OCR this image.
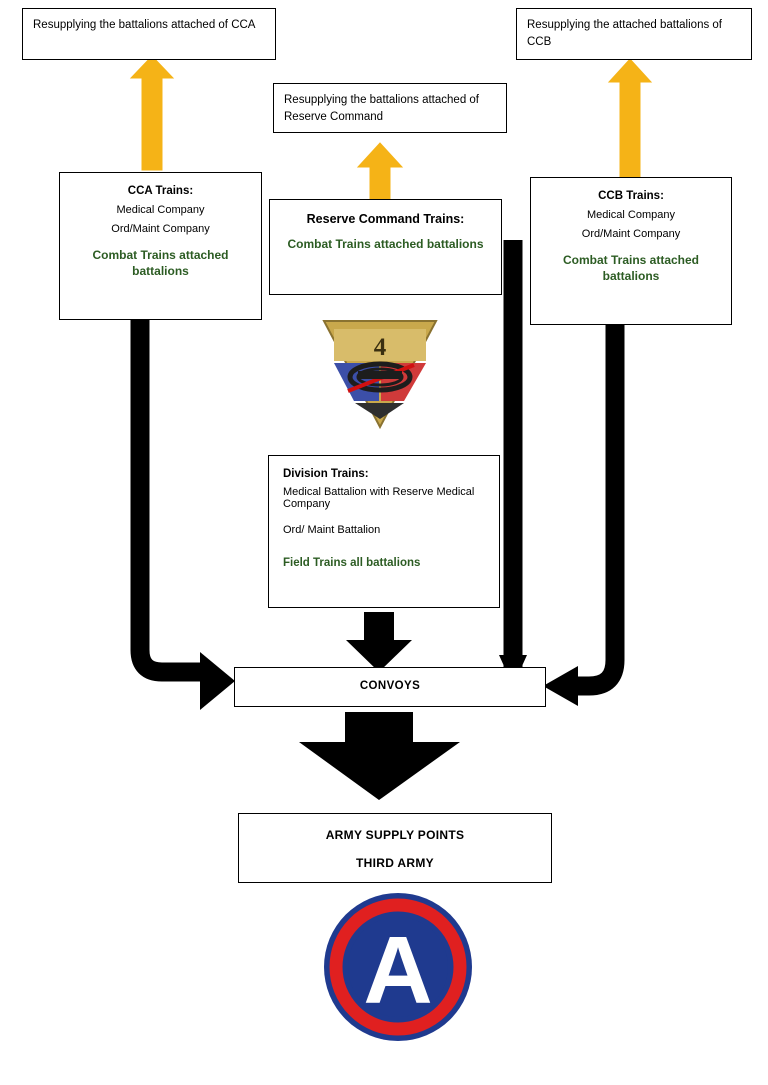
Resupplying the battalions attached of CCA
Resupplying the battalions attached of Reserve Command
Resupplying the attached battalions of CCB
CCA Trains:
Medical Company
Ord/Maint Company
Combat Trains attached battalions
Reserve Command Trains:
Combat Trains attached battalions
CCB Trains:
Medical Company
Ord/Maint Company
Combat Trains attached battalions
4
Division Trains:
Medical Battalion with Reserve Medical Company
Ord/ Maint Battalion
Field Trains all battalions
CONVOYS
ARMY SUPPLY POINTS
THIRD ARMY
A
